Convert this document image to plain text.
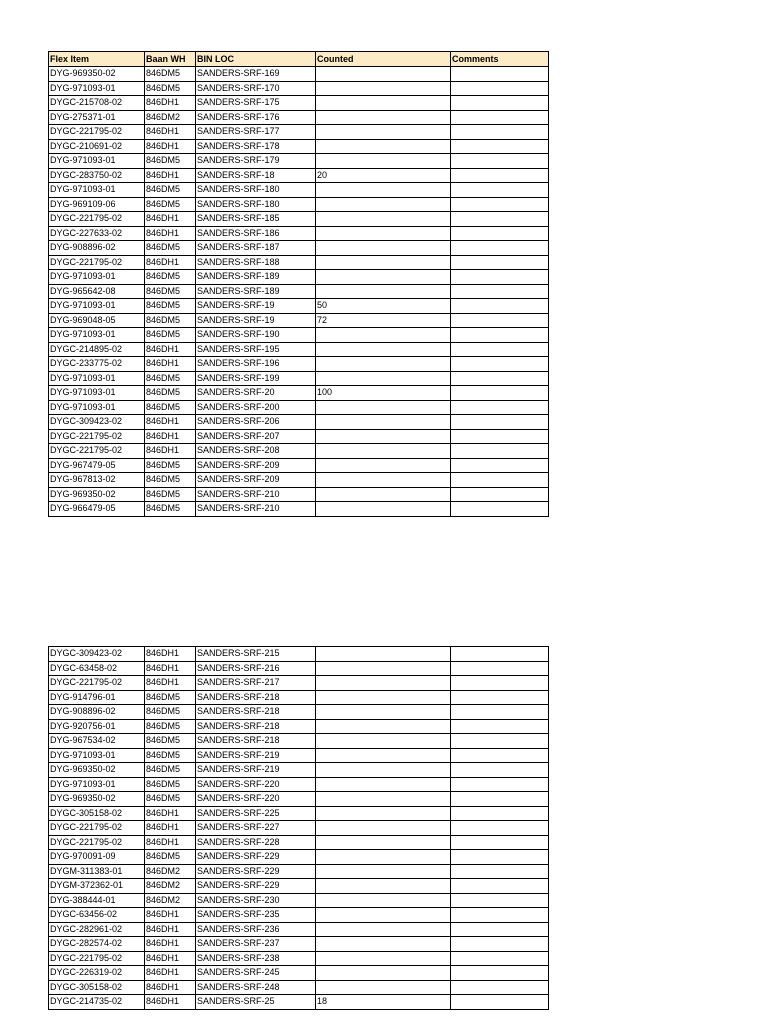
Flex Item	Baan WH	BIN LOC	Counted	Comments
DYG-969350-02	846DM5	SANDERS-SRF-169		
DYG-971093-01	846DM5	SANDERS-SRF-170		
DYGC-215708-02	846DH1	SANDERS-SRF-175		
DYG-275371-01	846DM2	SANDERS-SRF-176		
DYGC-221795-02	846DH1	SANDERS-SRF-177		
DYGC-210691-02	846DH1	SANDERS-SRF-178		
DYG-971093-01	846DM5	SANDERS-SRF-179		
DYGC-283750-02	846DH1	SANDERS-SRF-18	20	
DYG-971093-01	846DM5	SANDERS-SRF-180		
DYG-969109-06	846DM5	SANDERS-SRF-180		
DYGC-221795-02	846DH1	SANDERS-SRF-185		
DYGC-227633-02	846DH1	SANDERS-SRF-186		
DYG-908896-02	846DM5	SANDERS-SRF-187		
DYGC-221795-02	846DH1	SANDERS-SRF-188		
DYG-971093-01	846DM5	SANDERS-SRF-189		
DYG-965642-08	846DM5	SANDERS-SRF-189		
DYG-971093-01	846DM5	SANDERS-SRF-19	50	
DYG-969048-05	846DM5	SANDERS-SRF-19	72	
DYG-971093-01	846DM5	SANDERS-SRF-190		
DYGC-214895-02	846DH1	SANDERS-SRF-195		
DYGC-233775-02	846DH1	SANDERS-SRF-196		
DYG-971093-01	846DM5	SANDERS-SRF-199		
DYG-971093-01	846DM5	SANDERS-SRF-20	100	
DYG-971093-01	846DM5	SANDERS-SRF-200		
DYGC-309423-02	846DH1	SANDERS-SRF-206		
DYGC-221795-02	846DH1	SANDERS-SRF-207		
DYGC-221795-02	846DH1	SANDERS-SRF-208		
DYG-967479-05	846DM5	SANDERS-SRF-209		
DYG-967813-02	846DM5	SANDERS-SRF-209		
DYG-969350-02	846DM5	SANDERS-SRF-210		
DYG-966479-05	846DM5	SANDERS-SRF-210		
DYGC-309423-02	846DH1	SANDERS-SRF-215		
DYGC-63458-02	846DH1	SANDERS-SRF-216		
DYGC-221795-02	846DH1	SANDERS-SRF-217		
DYG-914796-01	846DM5	SANDERS-SRF-218		
DYG-908896-02	846DM5	SANDERS-SRF-218		
DYG-920756-01	846DM5	SANDERS-SRF-218		
DYG-967534-02	846DM5	SANDERS-SRF-218		
DYG-971093-01	846DM5	SANDERS-SRF-219		
DYG-969350-02	846DM5	SANDERS-SRF-219		
DYG-971093-01	846DM5	SANDERS-SRF-220		
DYG-969350-02	846DM5	SANDERS-SRF-220		
DYGC-305158-02	846DH1	SANDERS-SRF-225		
DYGC-221795-02	846DH1	SANDERS-SRF-227		
DYGC-221795-02	846DH1	SANDERS-SRF-228		
DYG-970091-09	846DM5	SANDERS-SRF-229		
DYGM-311383-01	846DM2	SANDERS-SRF-229		
DYGM-372362-01	846DM2	SANDERS-SRF-229		
DYG-388444-01	846DM2	SANDERS-SRF-230		
DYGC-63456-02	846DH1	SANDERS-SRF-235		
DYGC-282961-02	846DH1	SANDERS-SRF-236		
DYGC-282574-02	846DH1	SANDERS-SRF-237		
DYGC-221795-02	846DH1	SANDERS-SRF-238		
DYGC-226319-02	846DH1	SANDERS-SRF-245		
DYGC-305158-02	846DH1	SANDERS-SRF-248		
DYGC-214735-02	846DH1	SANDERS-SRF-25	18	
